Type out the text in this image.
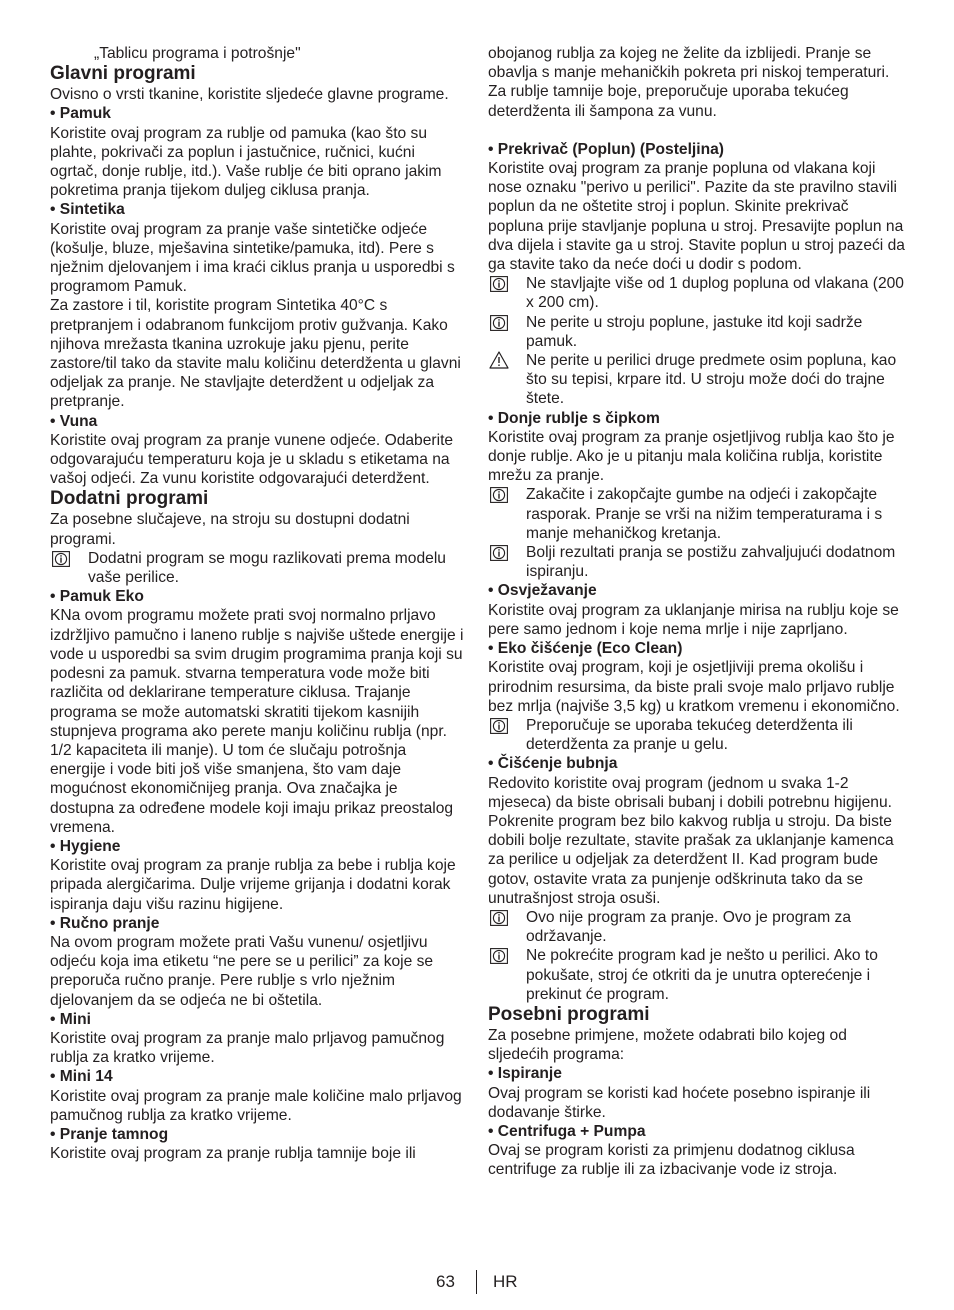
„Tablicu programa i potrošnje"

Glavni programi

Ovisno o vrsti tkanine, koristite sljedeće glavne programe.

• Pamuk

Koristite ovaj program za rublje od pamuka (kao što su plahte, pokrivači za poplun i jastučnice, ručnici, kućni ogrtač, donje rublje, itd.). Vaše rublje će biti oprano jakim pokretima pranja tijekom duljeg ciklusa pranja.

• Sintetika

Koristite ovaj program za pranje vaše sintetičke odjeće (košulje, bluze, mješavina sintetike/pamuka, itd). Pere s nježnim djelovanjem i ima kraći ciklus pranja u usporedbi s programom Pamuk.

Za zastore i til, koristite program Sintetika 40°C s pretpranjem i odabranom funkcijom protiv gužvanja. Kako njihova mrežasta tkanina uzrokuje jaku pjenu, perite zastore/til tako da stavite malu količinu deterdženta u glavni odjeljak za pranje. Ne stavljajte deterdžent u odjeljak za pretpranje.

• Vuna

Koristite ovaj program za pranje vunene odjeće. Odaberite odgovarajuću temperaturu koja je u skladu s etiketama na vašoj odjeći. Za vunu koristite odgovarajući deterdžent.

Dodatni programi

Za posebne slučajeve, na stroju su dostupni dodatni programi.

Dodatni program se mogu razlikovati prema modelu vaše perilice.

• Pamuk Eko

KNa ovom programu možete prati svoj normalno prljavo izdržljivo pamučno i laneno rublje s najviše uštede energije i vode u usporedbi sa svim drugim programima pranja koji su podesni za pamuk. stvarna temperatura vode može biti različita od deklarirane temperature ciklusa. Trajanje programa se može automatski skratiti tijekom kasnijih stupnjeva programa ako perete manju količinu rublja (npr. 1/2 kapaciteta ili manje). U tom će slučaju potrošnja energije i vode biti još više smanjena, što vam daje mogućnost ekonomičnijeg pranja. Ova značajka je dostupna za određene modele koji imaju prikaz preostalog vremena.

• Hygiene

Koristite ovaj program za pranje rublja za bebe i rublja koje pripada alergičarima. Dulje vrijeme grijanja i dodatni korak ispiranja daju višu razinu higijene.

• Ručno pranje

Na ovom program možete prati Vašu vunenu/ osjetljivu odjeću koja ima etiketu “ne pere se u perilici” za koje se preporuča ručno pranje. Pere rublje s vrlo nježnim djelovanjem da se odjeća ne bi oštetila.

• Mini

Koristite ovaj program za pranje malo prljavog pamučnog rublja za kratko vrijeme.

• Mini 14

Koristite ovaj program za pranje male količine malo prljavog pamučnog rublja za kratko vrijeme.

• Pranje tamnog

Koristite ovaj program za pranje rublja tamnije boje ili

obojanog rublja za kojeg ne želite da izblijedi. Pranje se obavlja s manje mehaničkih pokreta pri niskoj temperaturi. Za rublje tamnije boje, preporučuje uporaba tekućeg deterdženta ili šampona za vunu.

• Prekrivač (Poplun) (Posteljina)

Koristite ovaj program za pranje popluna od vlakana koji nose oznaku "perivo u perilici". Pazite da ste pravilno stavili poplun da ne oštetite stroj i poplun. Skinite prekrivač popluna prije stavljanje popluna u stroj. Presavijte poplun na dva dijela i stavite ga u stroj. Stavite poplun u stroj pazeći da ga stavite tako da neće doći u dodir s podom.

Ne stavljajte više od 1 duplog popluna od vlakana (200 x 200 cm).
Ne perite u stroju poplune, jastuke itd koji sadrže pamuk.
Ne perite u perilici druge predmete osim popluna, kao što su tepisi, krpare itd. U stroju može doći do trajne štete.

• Donje rublje s čipkom

Koristite ovaj program za pranje osjetljivog rublja kao što je donje rublje. Ako je u pitanju mala količina rublja, koristite mrežu za pranje.

Zakačite i zakopčajte gumbe na odjeći i zakopčajte rasporak. Pranje se vrši na nižim temperaturama i s manje mehaničkog kretanja.
Bolji rezultati pranja se postižu zahvaljujući dodatnom ispiranju.

• Osvježavanje

Koristite ovaj program za uklanjanje mirisa na rublju koje se pere samo jednom i koje nema mrlje i nije zaprljano.

• Eko čišćenje (Eco Clean)

Koristite ovaj program, koji je osjetljiviji prema okolišu i prirodnim resursima, da biste prali svoje malo prljavo rublje bez mrlja (najviše 3,5 kg) u kratkom vremenu i ekonomično.

Preporučuje se uporaba tekućeg deterdženta ili deterdženta za pranje u gelu.

• Čišćenje bubnja

Redovito koristite ovaj program (jednom u svaka 1-2 mjeseca) da biste obrisali bubanj i dobili potrebnu higijenu. Pokrenite program bez bilo kakvog rublja u stroju. Da biste dobili bolje rezultate, stavite prašak za uklanjanje kamenca za perilice u odjeljak za deterdžent II. Kad program bude gotov, ostavite vrata za punjenje odškrinuta tako da se unutrašnjost stroja osuši.

Ovo nije program za pranje. Ovo je program za održavanje.
Ne pokrećite program kad je nešto u perilici. Ako to pokušate, stroj će otkriti da je unutra opterećenje i prekinut će program.

Posebni programi

Za posebne primjene, možete odabrati bilo kojeg od sljedećih programa:

• Ispiranje

Ovaj program se koristi kad hoćete posebno ispiranje ili dodavanje štirke.

• Centrifuga + Pumpa

Ovaj se program koristi za primjenu dodatnog ciklusa centrifuge za rublje ili za izbacivanje vode iz stroja.

63 HR
